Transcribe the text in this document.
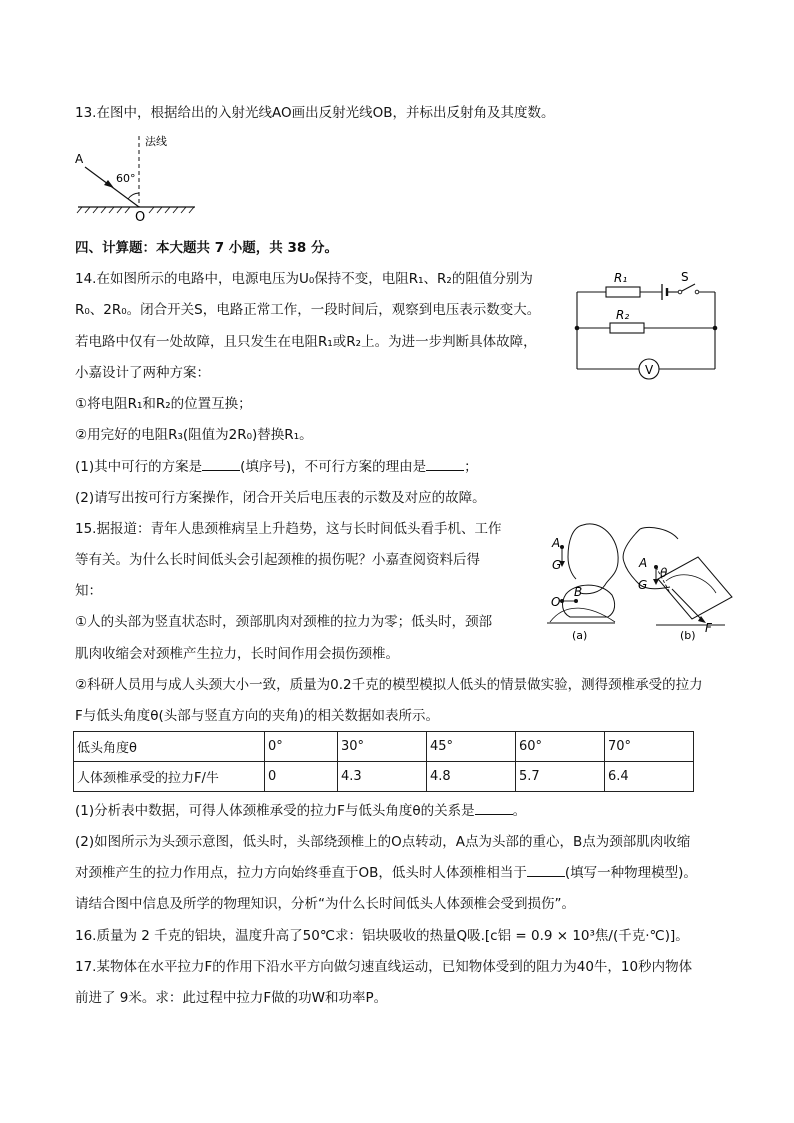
13.在图中，根据给出的入射光线AO画出反射光线OB，并标出反射角及其度数。
法线
A
60°
O
四、计算题：本大题共 7 小题，共 38 分。
14.在如图所示的电路中，电源电压为U₀保持不变，电阻R₁、R₂的阻值分别为
R₀、2R₀。闭合开关S，电路正常工作，一段时间后，观察到电压表示数变大。
若电路中仅有一处故障，且只发生在电阻R₁或R₂上。为进一步判断具体故障，
小嘉设计了两种方案：
①将电阻R₁和R₂的位置互换；
②用完好的电阻R₃(阻值为2R₀)替换R₁。
(1)其中可行的方案是	(填序号)，不可行方案的理由是	；
(2)请写出按可行方案操作，闭合开关后电压表的示数及对应的故障。
R₁	S
R₂
V
15.据报道：青年人患颈椎病呈上升趋势，这与长时间低头看手机、工作
等有关。为什么长时间低头会引起颈椎的损伤呢？小嘉查阅资料后得
知：
①人的头部为竖直状态时，颈部肌肉对颈椎的拉力为零；低头时，颈部
肌肉收缩会对颈椎产生拉力，长时间作用会损伤颈椎。
②科研人员用与成人头颈大小一致，质量为0.2千克的模型模拟人低头的情景做实验，测得颈椎承受的拉力
F与低头角度θ(头部与竖直方向的夹角)的相关数据如表所示。
A
G
O
B
(a)
A
θ
G
F
(b)
低头角度θ	0°	30°	45°	60°	70°
人体颈椎承受的拉力F/牛	0	4.3	4.8	5.7	6.4
(1)分析表中数据，可得人体颈椎承受的拉力F与低头角度θ的关系是	。
(2)如图所示为头颈示意图，低头时，头部绕颈椎上的O点转动，A点为头部的重心，B点为颈部肌肉收缩
对颈椎产生的拉力作用点，拉力方向始终垂直于OB，低头时人体颈椎相当于	(填写一种物理模型)。
请结合图中信息及所学的物理知识，分析“为什么长时间低头人体颈椎会受到损伤”。
16.质量为 2 千克的铝块，温度升高了50℃求：铝块吸收的热量Q吸.[c铝 = 0.9 × 10³焦/(千克·℃)]。
17.某物体在水平拉力F的作用下沿水平方向做匀速直线运动，已知物体受到的阻力为40牛，10秒内物体
前进了 9米。求：此过程中拉力F做的功W和功率P。
